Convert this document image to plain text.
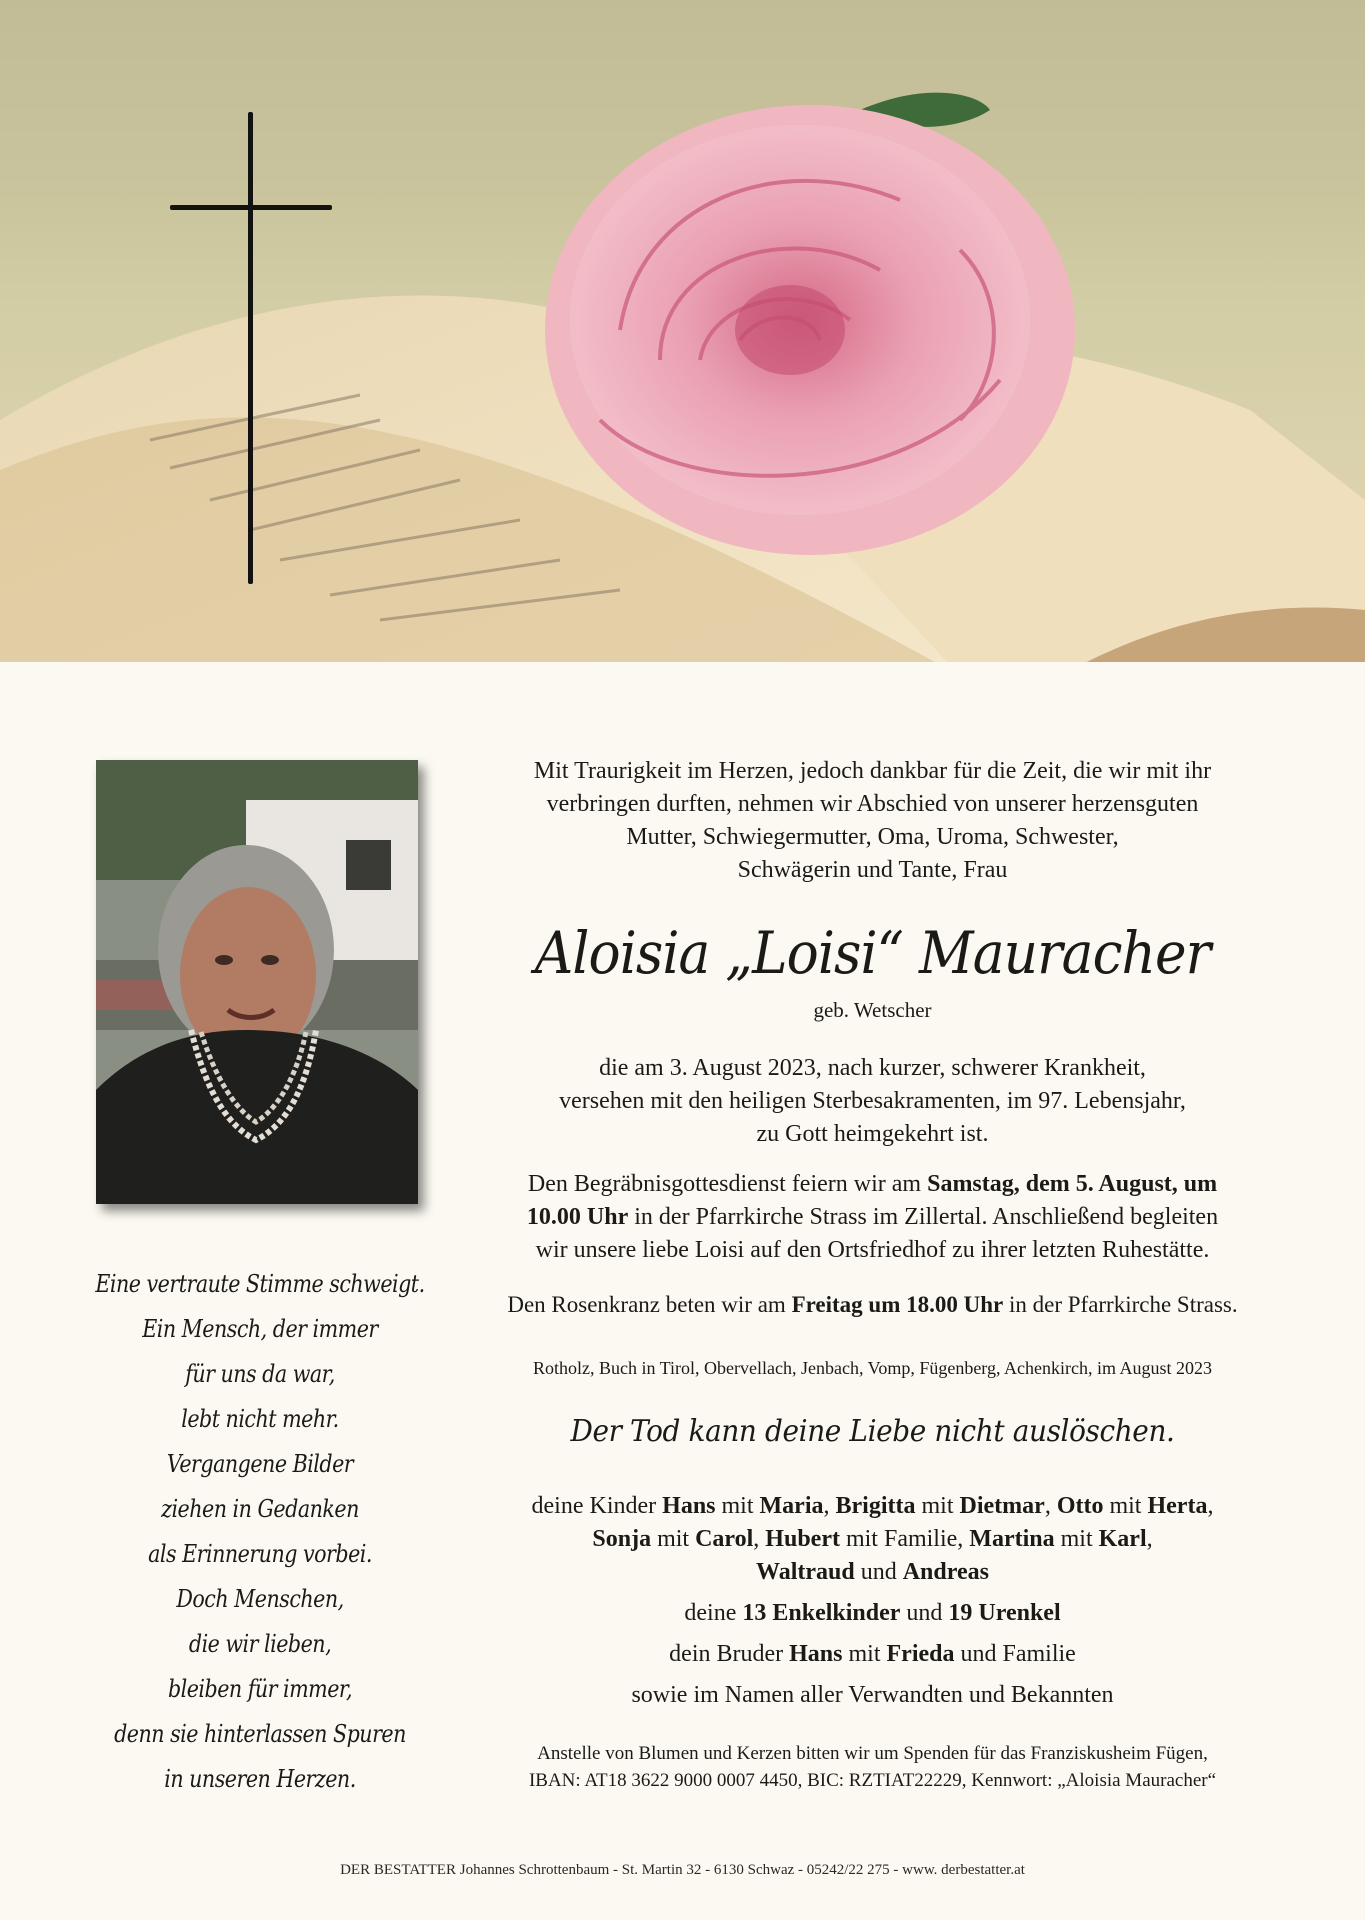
Eine vertraute Stimme schweigt.
Ein Mensch, der immer
für uns da war,
lebt nicht mehr.
Vergangene Bilder
ziehen in Gedanken
als Erinnerung vorbei.
Doch Menschen,
die wir lieben,
bleiben für immer,
denn sie hinterlassen Spuren
in unseren Herzen.
Mit Traurigkeit im Herzen, jedoch dankbar für die Zeit, die wir mit ihr
verbringen durften, nehmen wir Abschied von unserer herzensguten
Mutter, Schwiegermutter, Oma, Uroma, Schwester,
Schwägerin und Tante, Frau
Aloisia „Loisi“ Mauracher
geb. Wetscher
die am 3. August 2023, nach kurzer, schwerer Krankheit,
versehen mit den heiligen Sterbesakramenten, im 97. Lebensjahr,
zu Gott heimgekehrt ist.
Den Begräbnisgottesdienst feiern wir am Samstag, dem 5. August, um
10.00 Uhr in der Pfarrkirche Strass im Zillertal. Anschließend begleiten
wir unsere liebe Loisi auf den Ortsfriedhof zu ihrer letzten Ruhestätte.
Den Rosenkranz beten wir am Freitag um 18.00 Uhr in der Pfarrkirche Strass.
Rotholz, Buch in Tirol, Obervellach, Jenbach, Vomp, Fügenberg, Achenkirch, im August 2023
Der Tod kann deine Liebe nicht auslöschen.
deine Kinder Hans mit Maria, Brigitta mit Dietmar, Otto mit Herta,
Sonja mit Carol, Hubert mit Familie, Martina mit Karl,
Waltraud und Andreas
deine 13 Enkelkinder und 19 Urenkel
dein Bruder Hans mit Frieda und Familie
sowie im Namen aller Verwandten und Bekannten
Anstelle von Blumen und Kerzen bitten wir um Spenden für das Franziskusheim Fügen,
IBAN: AT18 3622 9000 0007 4450, BIC: RZTIAT22229, Kennwort: „Aloisia Mauracher“
DER BESTATTER Johannes Schrottenbaum - St. Martin 32 - 6130 Schwaz - 05242/22 275 - www. derbestatter.at
